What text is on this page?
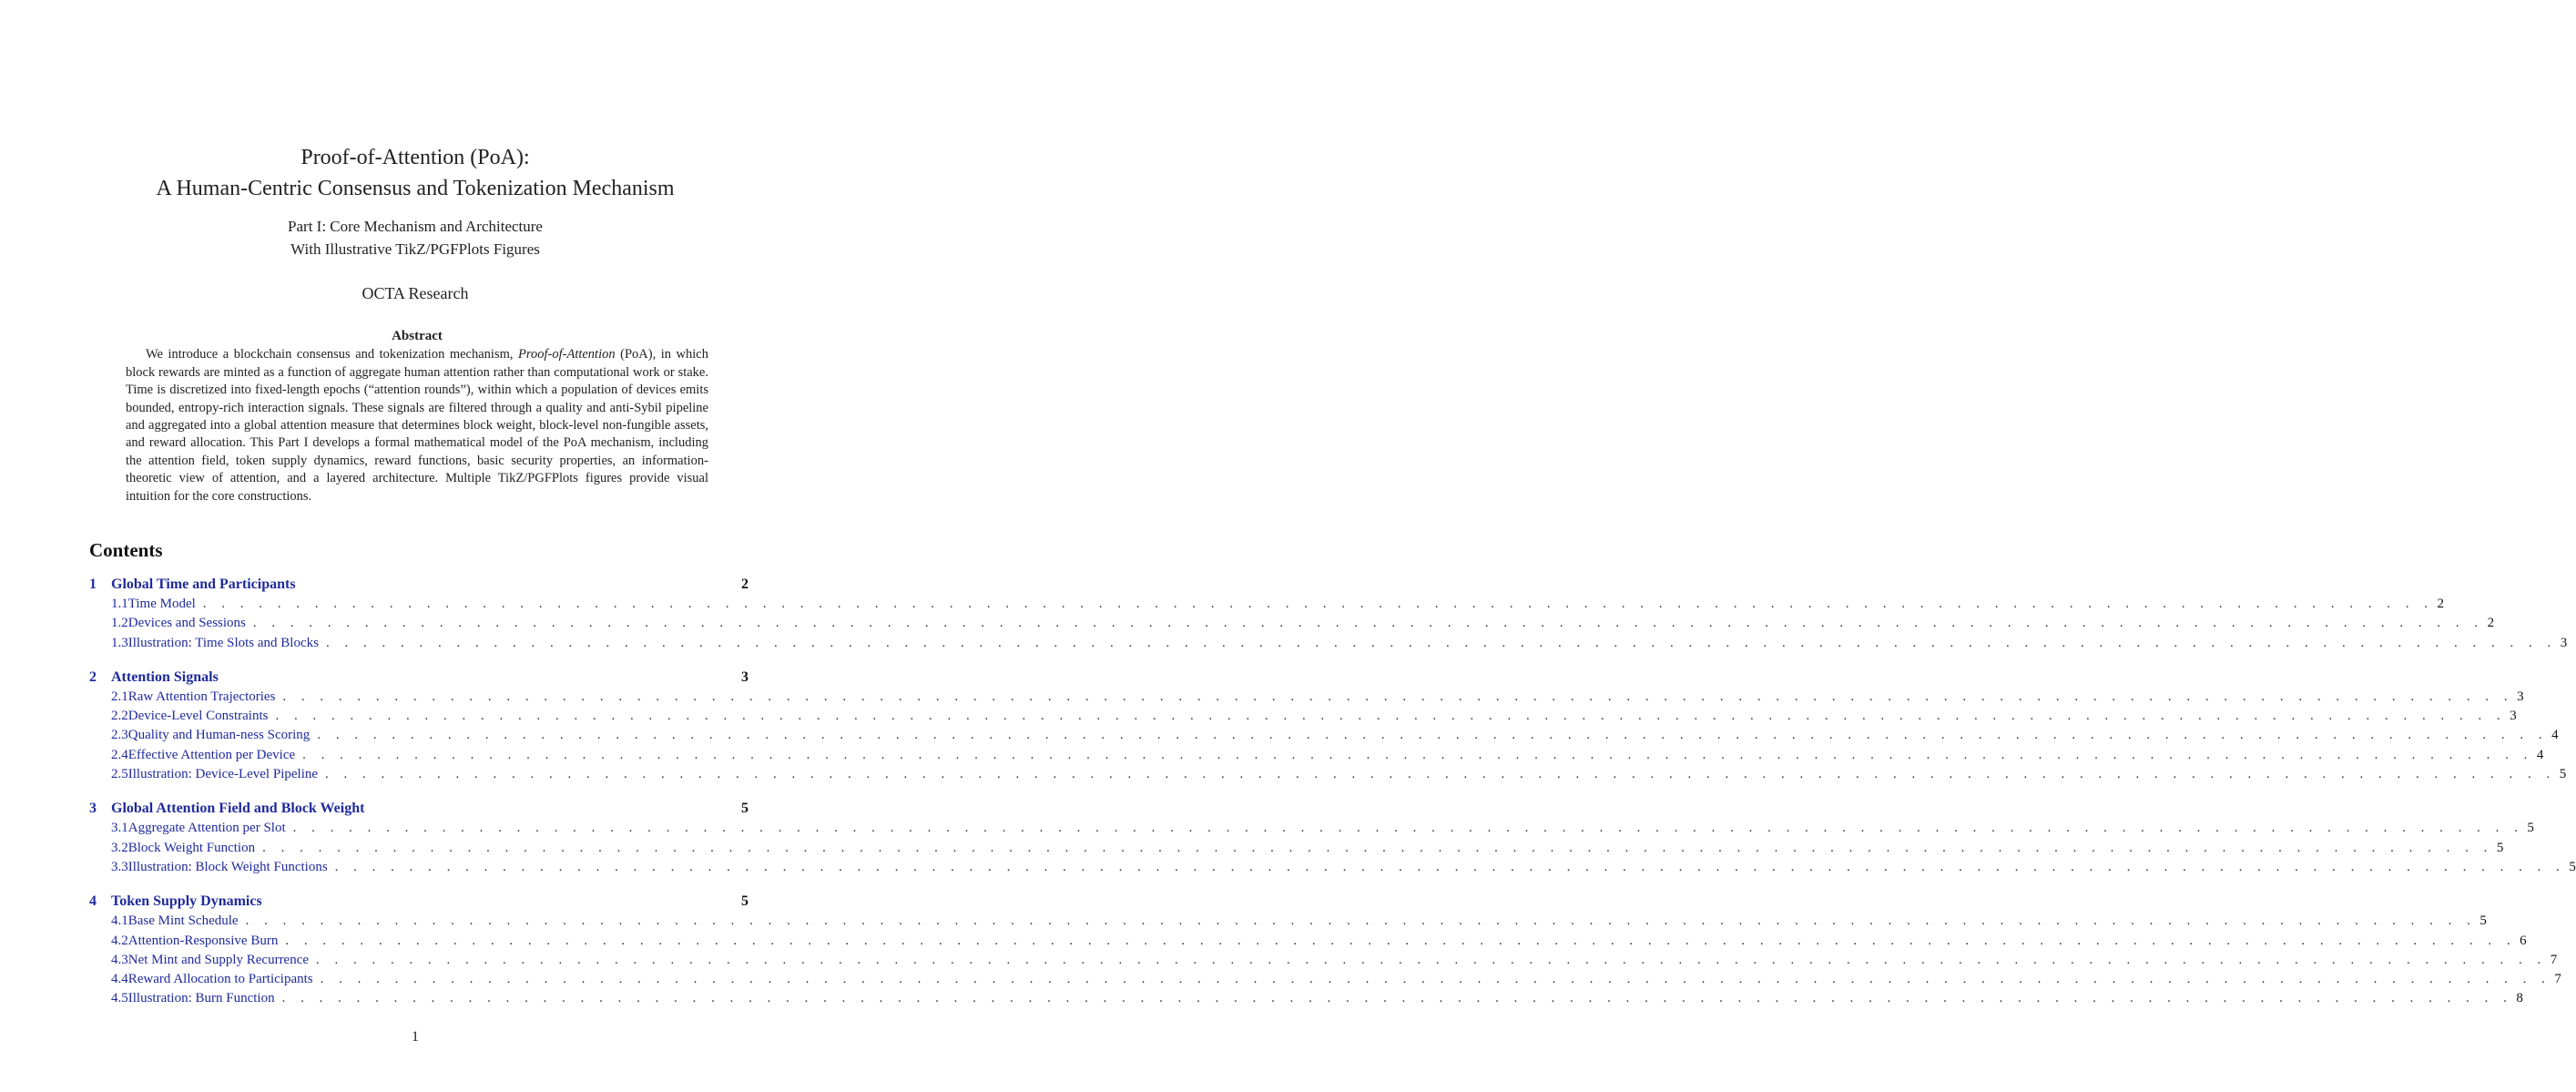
Proof-of-Attention (PoA):
A Human-Centric Consensus and Tokenization Mechanism
Part I: Core Mechanism and Architecture
With Illustrative TikZ/PGFPlots Figures
OCTA Research
Abstract
We introduce a blockchain consensus and tokenization mechanism, Proof-of-Attention (PoA), in which block rewards are minted as a function of aggregate human attention rather than computational work or stake. Time is discretized into fixed-length epochs (“attention rounds”), within which a population of devices emits bounded, entropy-rich interaction signals. These signals are filtered through a quality and anti-Sybil pipeline and aggregated into a global attention measure that determines block weight, block-level non-fungible assets, and reward allocation. This Part I develops a formal mathematical model of the PoA mechanism, including the attention field, token supply dynamics, reward functions, basic security properties, an information-theoretic view of attention, and a layered architecture. Multiple TikZ/PGFPlots figures provide visual intuition for the core constructions.
Contents
1	Global Time and Participants	2
1.1 Time Model . . . . . . . . . . . . . . . . . . . . . . . . . . . . . . . . . . . . . . . . . . . . . . . . . . . . . . . . . . . . . . . . . . . . . . . . . . . . . . . . . . . . . . . . . . . . . . . . . . . . . . . . . . . . . . . . . . . . . . . . 2
1.2 Devices and Sessions . . . . . . . . . . . . . . . . . . . . . . . . . . . . . . . . . . . . . . . . . . . . . . . . . . . . . . . . . . . . . . . . . . . . . . . . . . . . . . . . . . . . . . . . . . . . . . . . . . . . . . . . . . . . . . . . . . . . . . . . 2
1.3 Illustration: Time Slots and Blocks . . . . . . . . . . . . . . . . . . . . . . . . . . . . . . . . . . . . . . . . . . . . . . . . . . . . . . . . . . . . . . . . . . . . . . . . . . . . . . . . . . . . . . . . . . . . . . . . . . . . . . . . . . . . . . . . . . . . . . . . 3
2	Attention Signals	3
2.1 Raw Attention Trajectories . . . . . . . . . . . . . . . . . . . . . . . . . . . . . . . . . . . . . . . . . . . . . . . . . . . . . . . . . . . . . . . . . . . . . . . . . . . . . . . . . . . . . . . . . . . . . . . . . . . . . . . . . . . . . . . . . . . . . . . . 3
2.2 Device-Level Constraints . . . . . . . . . . . . . . . . . . . . . . . . . . . . . . . . . . . . . . . . . . . . . . . . . . . . . . . . . . . . . . . . . . . . . . . . . . . . . . . . . . . . . . . . . . . . . . . . . . . . . . . . . . . . . . . . . . . . . . . . 3
2.3 Quality and Human-ness Scoring . . . . . . . . . . . . . . . . . . . . . . . . . . . . . . . . . . . . . . . . . . . . . . . . . . . . . . . . . . . . . . . . . . . . . . . . . . . . . . . . . . . . . . . . . . . . . . . . . . . . . . . . . . . . . . . . . . . . . . . . 4
2.4 Effective Attention per Device . . . . . . . . . . . . . . . . . . . . . . . . . . . . . . . . . . . . . . . . . . . . . . . . . . . . . . . . . . . . . . . . . . . . . . . . . . . . . . . . . . . . . . . . . . . . . . . . . . . . . . . . . . . . . . . . . . . . . . . . 4
2.5 Illustration: Device-Level Pipeline . . . . . . . . . . . . . . . . . . . . . . . . . . . . . . . . . . . . . . . . . . . . . . . . . . . . . . . . . . . . . . . . . . . . . . . . . . . . . . . . . . . . . . . . . . . . . . . . . . . . . . . . . . . . . . . . . . . . . . . . 5
3	Global Attention Field and Block Weight	5
3.1 Aggregate Attention per Slot . . . . . . . . . . . . . . . . . . . . . . . . . . . . . . . . . . . . . . . . . . . . . . . . . . . . . . . . . . . . . . . . . . . . . . . . . . . . . . . . . . . . . . . . . . . . . . . . . . . . . . . . . . . . . . . . . . . . . . . . 5
3.2 Block Weight Function . . . . . . . . . . . . . . . . . . . . . . . . . . . . . . . . . . . . . . . . . . . . . . . . . . . . . . . . . . . . . . . . . . . . . . . . . . . . . . . . . . . . . . . . . . . . . . . . . . . . . . . . . . . . . . . . . . . . . . . . 5
3.3 Illustration: Block Weight Functions . . . . . . . . . . . . . . . . . . . . . . . . . . . . . . . . . . . . . . . . . . . . . . . . . . . . . . . . . . . . . . . . . . . . . . . . . . . . . . . . . . . . . . . . . . . . . . . . . . . . . . . . . . . . . . . . . . . . . . . . 5
4	Token Supply Dynamics	5
4.1 Base Mint Schedule . . . . . . . . . . . . . . . . . . . . . . . . . . . . . . . . . . . . . . . . . . . . . . . . . . . . . . . . . . . . . . . . . . . . . . . . . . . . . . . . . . . . . . . . . . . . . . . . . . . . . . . . . . . . . . . . . . . . . . . . 5
4.2 Attention-Responsive Burn . . . . . . . . . . . . . . . . . . . . . . . . . . . . . . . . . . . . . . . . . . . . . . . . . . . . . . . . . . . . . . . . . . . . . . . . . . . . . . . . . . . . . . . . . . . . . . . . . . . . . . . . . . . . . . . . . . . . . . . . 6
4.3 Net Mint and Supply Recurrence . . . . . . . . . . . . . . . . . . . . . . . . . . . . . . . . . . . . . . . . . . . . . . . . . . . . . . . . . . . . . . . . . . . . . . . . . . . . . . . . . . . . . . . . . . . . . . . . . . . . . . . . . . . . . . . . . . . . . . . . 7
4.4 Reward Allocation to Participants . . . . . . . . . . . . . . . . . . . . . . . . . . . . . . . . . . . . . . . . . . . . . . . . . . . . . . . . . . . . . . . . . . . . . . . . . . . . . . . . . . . . . . . . . . . . . . . . . . . . . . . . . . . . . . . . . . . . . . . . 7
4.5 Illustration: Burn Function . . . . . . . . . . . . . . . . . . . . . . . . . . . . . . . . . . . . . . . . . . . . . . . . . . . . . . . . . . . . . . . . . . . . . . . . . . . . . . . . . . . . . . . . . . . . . . . . . . . . . . . . . . . . . . . . . . . . . . . . 8
1
